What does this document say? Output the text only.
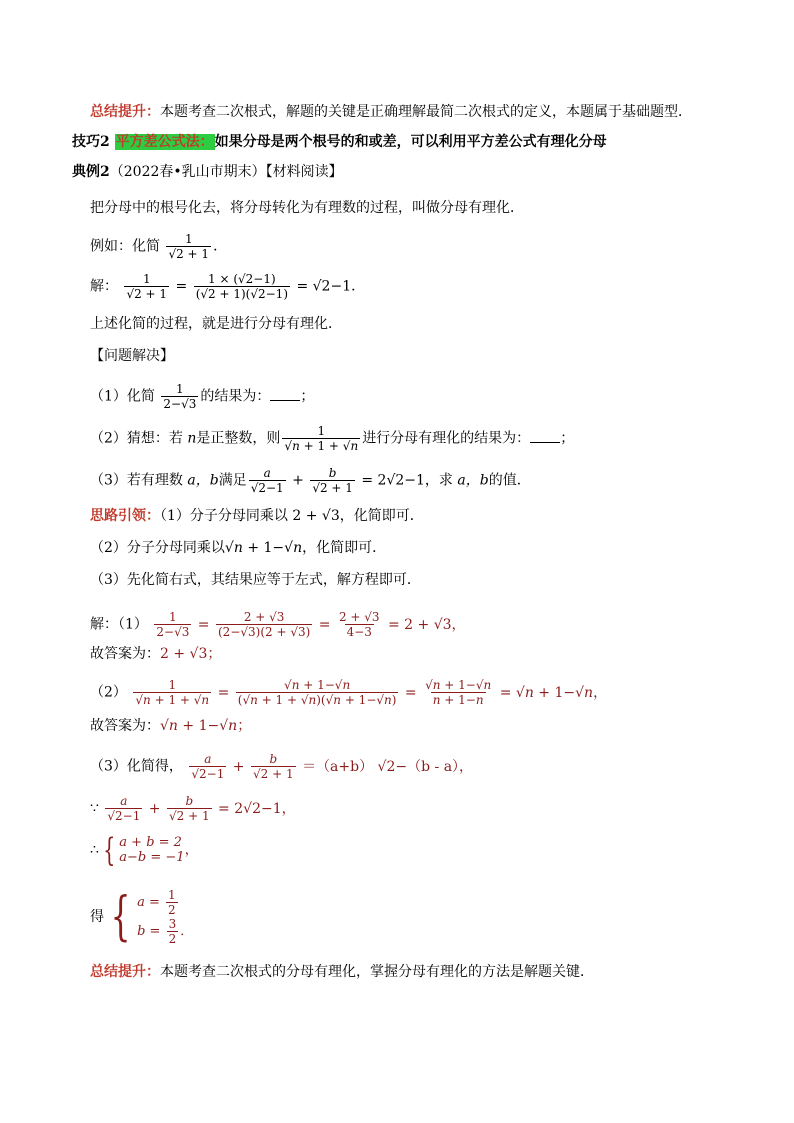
总结提升：本题考查二次根式，解题的关键是正确理解最简二次根式的定义，本题属于基础题型．
技巧2 平方差公式法：如果分母是两个根号的和或差，可以利用平方差公式有理化分母
典例2（2022春•乳山市期末）【材料阅读】
把分母中的根号化去，将分母转化为有理数的过程，叫做分母有理化．
例如：化简 $\frac{1}{√2 + 1}$ ．
解： $\frac{1}{√2 + 1} = \frac{1 \times (√2-1)}{(√2 + 1)(√2-1)} = √2-1$．
上述化简的过程，就是进行分母有理化．
【问题解决】
（1）化简 $\frac{1}{2-√3}$ 的结果为： ；
（2）猜想：若 n是正整数，则 $\frac{1}{√n + 1 + √n}$ 进行分母有理化的结果为： ；
（3）若有理数 a，b满足 $\frac{a}{√2-1} + \frac{b}{√2 + 1} = 2√2-1$，求 a，b的值．
思路引领：（1）分子分母同乘以 2 + √3，化简即可．
（2）分子分母同乘以√n + 1−√n，化简即可．
（3）先化简右式，其结果应等于左式，解方程即可．
解：$(1) \frac{1}{2-√3} = \frac{2 + √3}{(2-√3)(2 + √3)} = \frac{2 + √3}{4-3} = 2 + √3$，
故答案为：2 + √3；
$(2) \frac{1}{√n + 1 + √n} = \frac{√n + 1-√n}{(√n + 1 + √n)(√n + 1-√n)} = \frac{√n + 1-√n}{n + 1-n} = √n + 1-√n$，
故答案为：√n + 1−√n；
（3）化简得， $\frac{a}{√2-1} + \frac{b}{√2 + 1} =(a+b)$ √2−（b - a），
∵ $\frac{a}{√2-1} + \frac{b}{√2 + 1} = 2√2-1$，
∴ { a + b = 2
a−b = −1 ，
得 { $a = \frac{1}{2}$
$b = \frac{3}{2}$ ．
总结提升：本题考查二次根式的分母有理化，掌握分母有理化的方法是解题关键．
